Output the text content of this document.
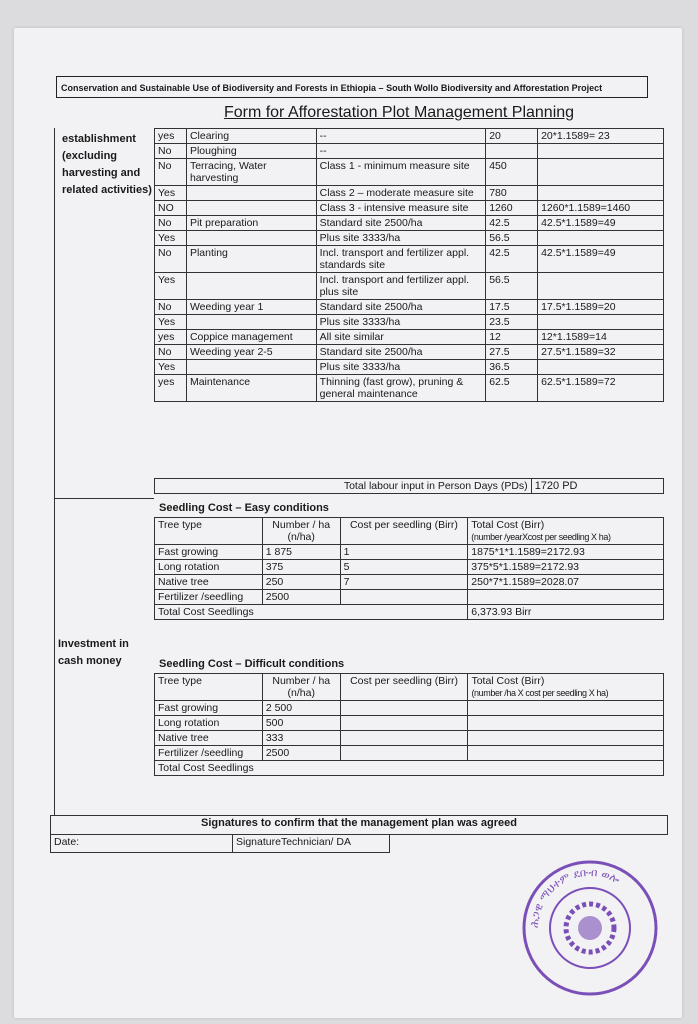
Conservation and Sustainable Use of Biodiversity and Forests in Ethiopia – South Wollo Biodiversity and Afforestation Project
Form for Afforestation Plot Management Planning
establishment (excluding harvesting and related activities)
yes	Clearing	--	20	20*1.1589= 23
No	Ploughing	--		
No	Terracing, Water harvesting	Class 1 - minimum measure site	450	
Yes		Class 2 – moderate measure site	780	
NO		Class 3 - intensive measure site	1260	1260*1.1589=1460
No	Pit preparation	Standard site 2500/ha	42.5	42.5*1.1589=49
Yes		Plus site 3333/ha	56.5	
No	Planting	Incl. transport and fertilizer appl. standards site	42.5	42.5*1.1589=49
Yes		Incl. transport and fertilizer appl. plus site	56.5	
No	Weeding year 1	Standard site 2500/ha	17.5	17.5*1.1589=20
Yes		Plus site 3333/ha	23.5	
yes	Coppice management	All site similar	12	12*1.1589=14
No	Weeding year 2-5	Standard site 2500/ha	27.5	27.5*1.1589=32
Yes		Plus site 3333/ha	36.5	
yes	Maintenance	Thinning (fast grow), pruning & general maintenance	62.5	62.5*1.1589=72
Total labour input in Person Days (PDs)	1720 PD
Investment in cash money
Seedling Cost – Easy conditions
Tree type	Number / ha (n/ha)	Cost per seedling (Birr)	Total Cost (Birr)
(number /yearXcost per seedling X ha)

Fast growing	1 875	1	1875*1*1.1589=2172.93
Long rotation	375	5	375*5*1.1589=2172.93
Native tree	250	7	250*7*1.1589=2028.07
Fertilizer /seedling	2500		
Total Cost Seedlings			6,373.93 Birr
Seedling Cost – Difficult conditions
Tree type	Number / ha (n/ha)	Cost per seedling (Birr)	Total Cost (Birr)
(number /ha X cost per seedling X ha)

Fast growing	2 500		
Long rotation	500		
Native tree	333		
Fertilizer /seedling	2500		
Total Cost Seedlings			
Signatures to confirm that the management plan was agreed
Date:	SignatureTechnician/ DA	
ሕጋዊ ማህተም ደቡብ ወሎ
